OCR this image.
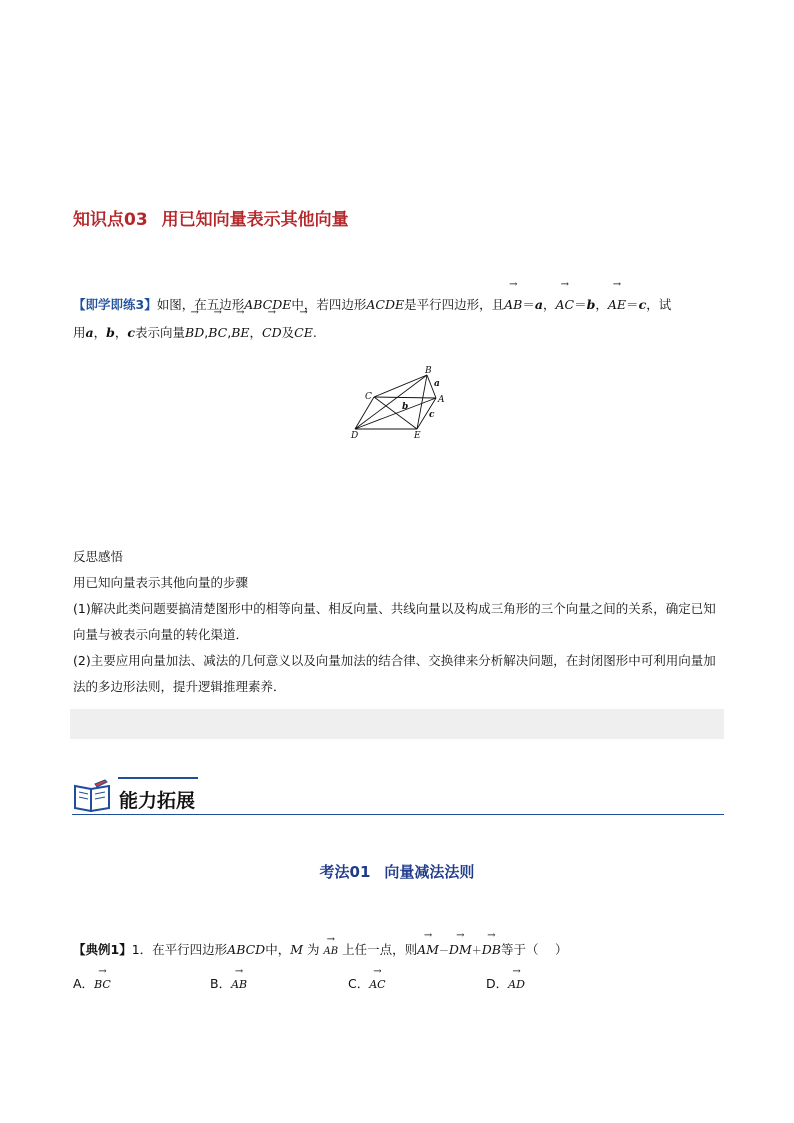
知识点03 用已知向量表示其他向量
【即学即练3】如图，在五边形ABCDE中，若四边形ACDE是平行四边形，且→ AB＝a，→ AC＝b，→ AE＝c，试
用a，b，c表示向量→ BD,→ BC,→ BE，→ CD及→ CE.
B
C	A
D	E
a
b
c

反思感悟

用已知向量表示其他向量的步骤

(1)解决此类问题要搞清楚图形中的相等向量、相反向量、共线向量以及构成三角形的三个向量之间的关系，确定已知向量与被表示向量的转化渠道．

(2)主要应用向量加法、减法的几何意义以及向量加法的结合律、交换律来分析解决问题，在封闭图形中可利用向量加法的多边形法则，提升逻辑推理素养．

能力拓展
考法01 向量减法法则
【典例1】1．在平行四边形ABCD中，M 为 → AB 上任一点，则→ AM－→ DM＋→ DB等于（　 ）
A．→ BC	B．→ AB	C．→ AC	D．→ AD
